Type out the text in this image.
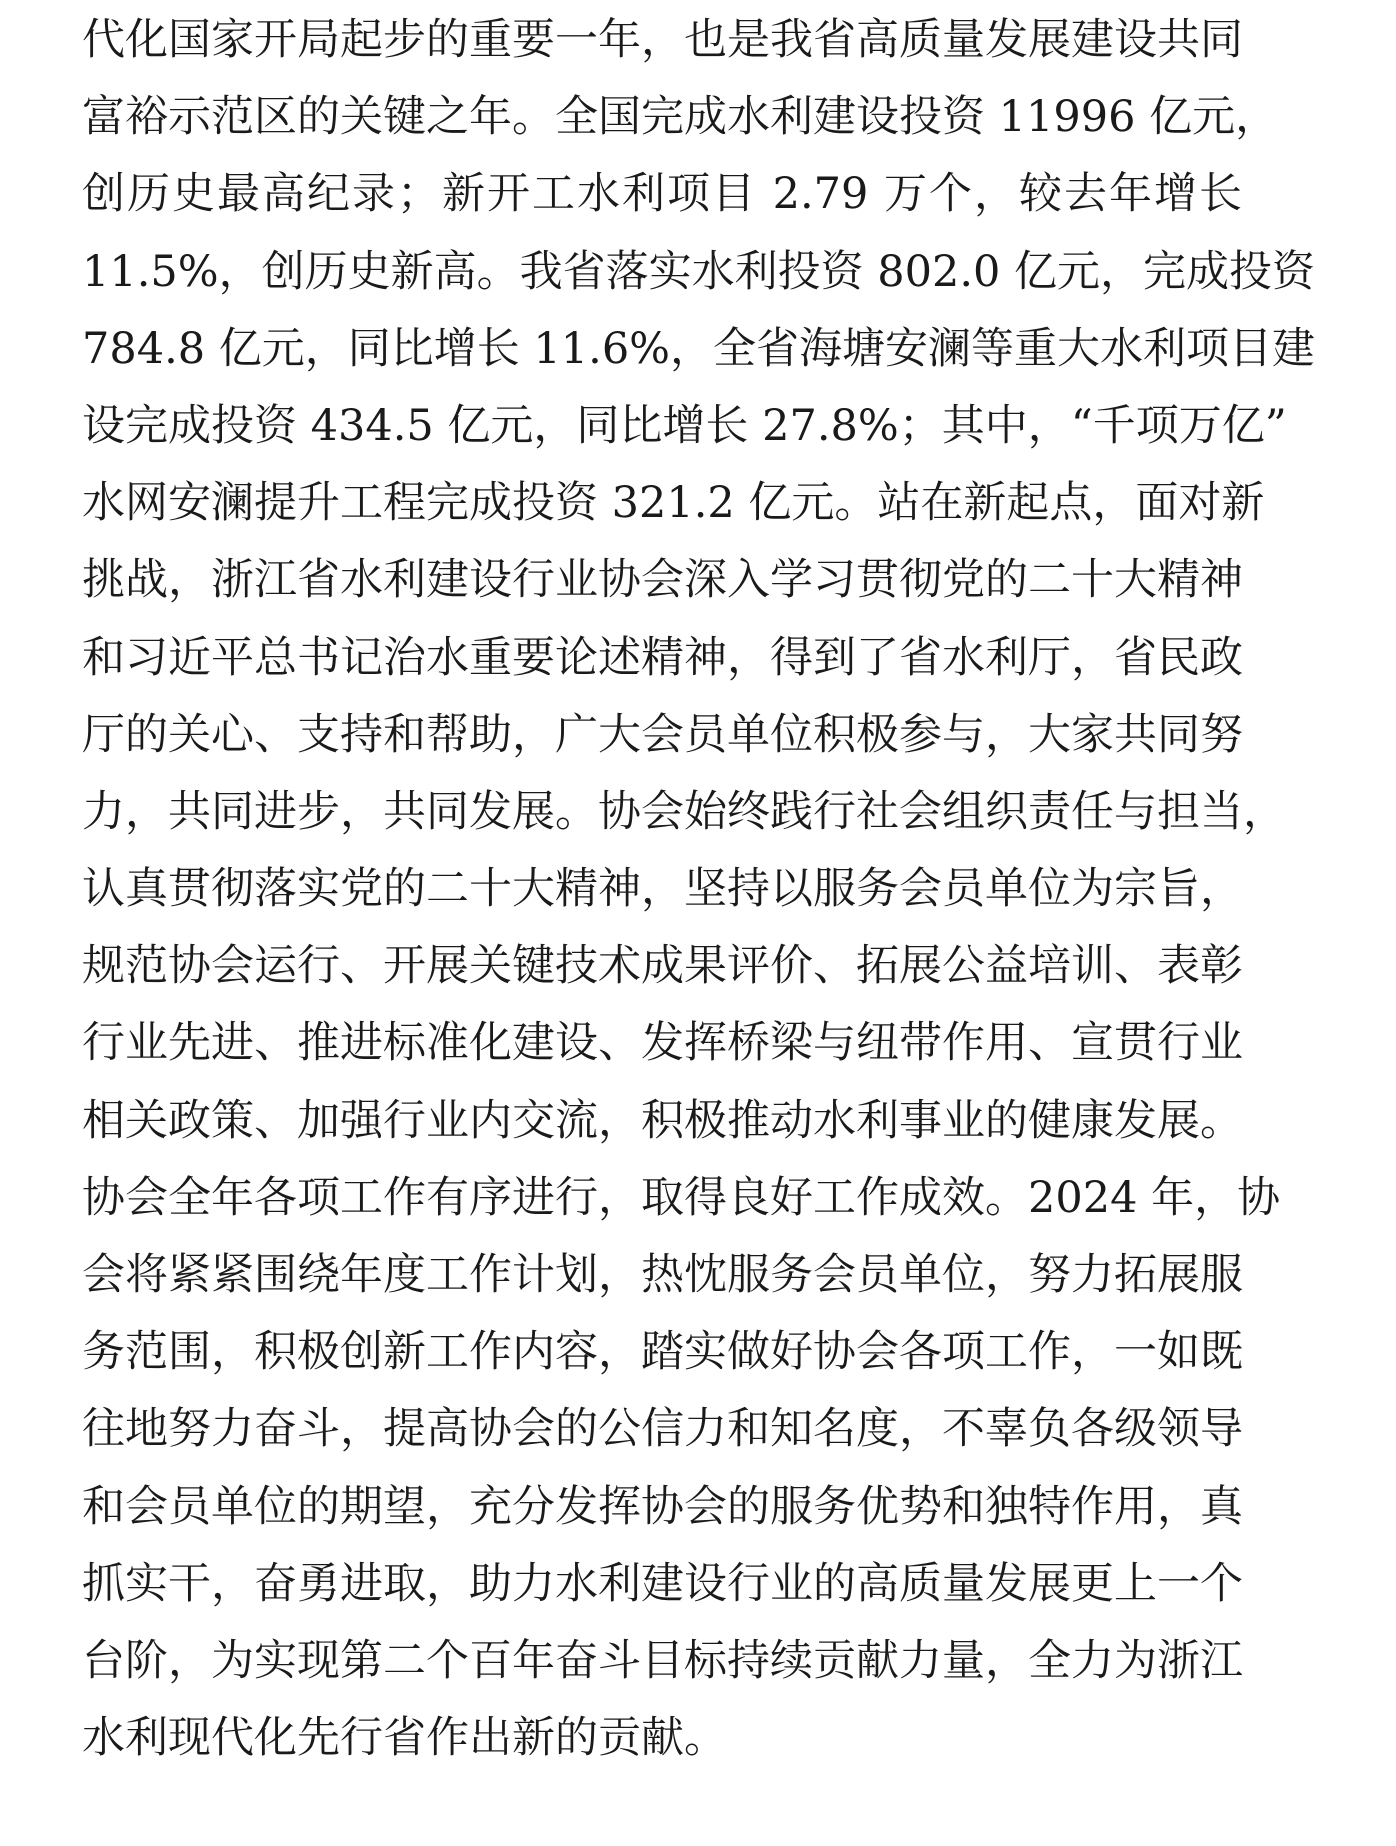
代化国家开局起步的重要一年，也是我省高质量发展建设共同
富裕示范区的关键之年。全国完成水利建设投资 11996 亿元，
创历史最高纪录；新开工水利项目 2.79 万个，较去年增长
11.5%，创历史新高。我省落实水利投资 802.0 亿元，完成投资
784.8 亿元，同比增长 11.6%，全省海塘安澜等重大水利项目建
设完成投资 434.5 亿元，同比增长 27.8%；其中，“千项万亿”
水网安澜提升工程完成投资 321.2 亿元。站在新起点，面对新
挑战，浙江省水利建设行业协会深入学习贯彻党的二十大精神
和习近平总书记治水重要论述精神，得到了省水利厅，省民政
厅的关心、支持和帮助，广大会员单位积极参与，大家共同努
力，共同进步，共同发展。协会始终践行社会组织责任与担当，
认真贯彻落实党的二十大精神，坚持以服务会员单位为宗旨，
规范协会运行、开展关键技术成果评价、拓展公益培训、表彰
行业先进、推进标准化建设、发挥桥梁与纽带作用、宣贯行业
相关政策、加强行业内交流，积极推动水利事业的健康发展。
协会全年各项工作有序进行，取得良好工作成效。2024 年，协
会将紧紧围绕年度工作计划，热忱服务会员单位，努力拓展服
务范围，积极创新工作内容，踏实做好协会各项工作，一如既
往地努力奋斗，提高协会的公信力和知名度，不辜负各级领导
和会员单位的期望，充分发挥协会的服务优势和独特作用，真
抓实干，奋勇进取，助力水利建设行业的高质量发展更上一个
台阶，为实现第二个百年奋斗目标持续贡献力量，全力为浙江
水利现代化先行省作出新的贡献。
